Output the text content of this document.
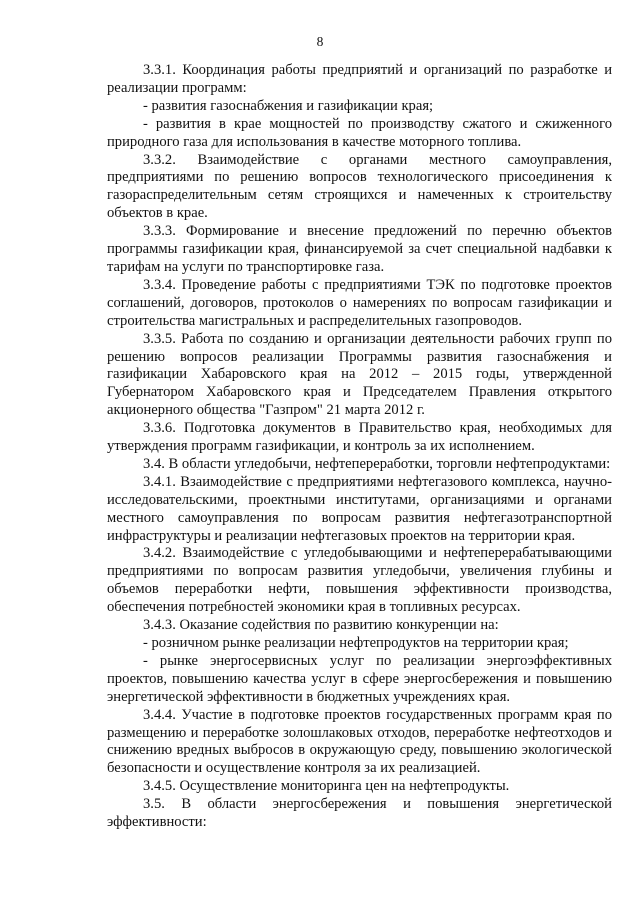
8

3.3.1. Координация работы предприятий и организаций по разработке и реализации программ:

- развития газоснабжения и газификации края;

- развития в крае мощностей по производству сжатого и сжиженного природного газа для использования в качестве моторного топлива.

3.3.2. Взаимодействие с органами местного самоуправления, предприятиями по решению вопросов технологического присоединения к газораспределительным сетям строящихся и намеченных к строительству объектов в крае.

3.3.3. Формирование и внесение предложений по перечню объектов программы газификации края, финансируемой за счет специальной надбавки к тарифам на услуги по транспортировке газа.

3.3.4. Проведение работы с предприятиями ТЭК по подготовке проектов соглашений, договоров, протоколов о намерениях по вопросам газификации и строительства магистральных и распределительных газопроводов.

3.3.5. Работа по созданию и организации деятельности рабочих групп по решению вопросов реализации Программы развития газоснабжения и газификации Хабаровского края на 2012 – 2015 годы, утвержденной Губернатором Хабаровского края и Председателем Правления открытого акционерного общества "Газпром" 21 марта 2012 г.

3.3.6. Подготовка документов в Правительство края, необходимых для утверждения программ газификации, и контроль за их исполнением.

3.4. В области угледобычи, нефтепереработки, торговли нефтепродуктами:

3.4.1. Взаимодействие с предприятиями нефтегазового комплекса, научно-исследовательскими, проектными институтами, организациями и органами местного самоуправления по вопросам развития нефтегазотранспортной инфраструктуры и реализации нефтегазовых проектов на территории края.

3.4.2. Взаимодействие с угледобывающими и нефтеперерабатывающими предприятиями по вопросам развития угледобычи, увеличения глубины и объемов переработки нефти, повышения эффективности производства, обеспечения потребностей экономики края в топливных ресурсах.

3.4.3. Оказание содействия по развитию конкуренции на:

- розничном рынке реализации нефтепродуктов на территории края;

- рынке энергосервисных услуг по реализации энергоэффективных проектов, повышению качества услуг в сфере энергосбережения и повышению энергетической эффективности в бюджетных учреждениях края.

3.4.4. Участие в подготовке проектов государственных программ края по размещению и переработке золошлаковых отходов, переработке нефтеотходов и снижению вредных выбросов в окружающую среду, повышению экологической безопасности и осуществление контроля за их реализацией.

3.4.5. Осуществление мониторинга цен на нефтепродукты.

3.5. В области энергосбережения и повышения энергетической эффективности:
